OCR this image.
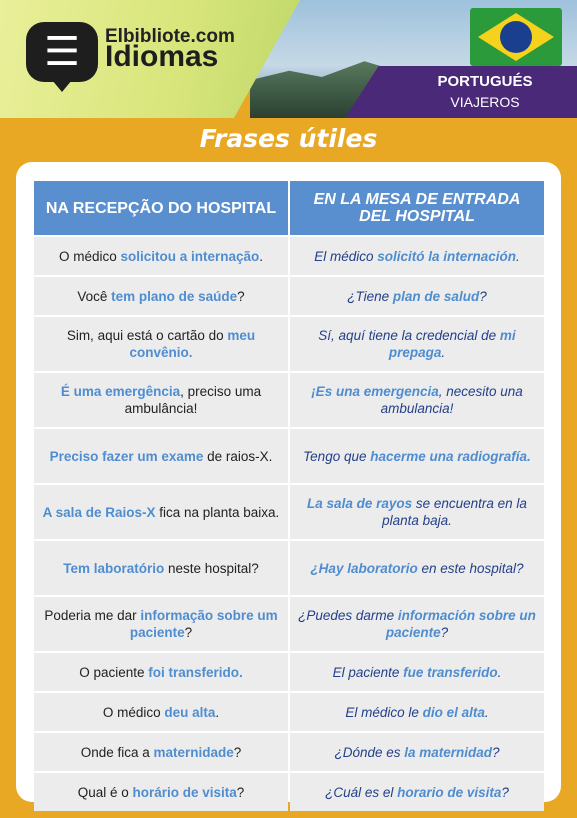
☰ Elbibliote.com
Idiomas
PORTUGUÉS
VIAJEROS
Frases útiles
NA RECEPÇÃO DO HOSPITAL	EN LA MESA DE ENTRADA DEL HOSPITAL
O médico solicitou a internação.	El médico solicitó la internación.
Você tem plano de saúde?	¿Tiene plan de salud?
Sim, aqui está o cartão do meu convênio.	Sí, aquí tiene la credencial de mi prepaga.
É uma emergência, preciso uma ambulância!	¡Es una emergencia, necesito una ambulancia!
Preciso fazer um exame de raios-X.	Tengo que hacerme una radiografía.
A sala de Raios-X fica na planta baixa.	La sala de rayos se encuentra en la planta baja.
Tem laboratório neste hospital?	¿Hay laboratorio en este hospital?
Poderia me dar informação sobre um paciente?	¿Puedes darme información sobre un paciente?
O paciente foi transferido.	El paciente fue transferido.
O médico deu alta.	El médico le dio el alta.
Onde fica a maternidade?	¿Dónde es la maternidad?
Qual é o horário de visita?	¿Cuál es el horario de visita?
